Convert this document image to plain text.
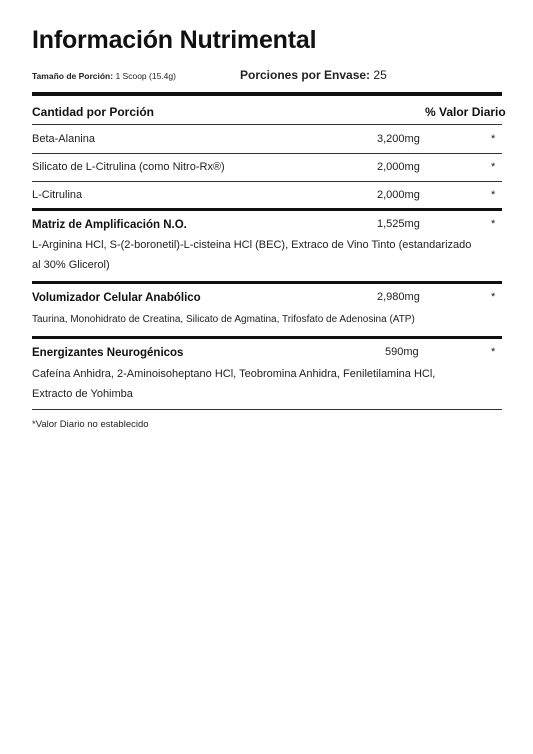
Información Nutrimental
Tamaño de Porción: 1 Scoop (15.4g)	Porciones por Envase: 25
Cantidad por Porción	% Valor Diario
Beta-Alanina	3,200mg	*
Silicato de L-Citrulina (como Nitro-Rx®)	2,000mg	*
L-Citrulina	2,000mg	*
Matriz de Amplificación N.O.	1,525mg	*
L-Arginina HCl, S-(2-boronetil)-L-cisteina HCl (BEC), Extraco de Vino Tinto (estandarizado al 30% Glicerol)
Volumizador Celular Anabólico	2,980mg	*
Taurina, Monohidrato de Creatina, Silicato de Agmatina, Trifosfato de Adenosina (ATP)
Energizantes Neurogénicos	590mg	*
Cafeína Anhidra, 2-Aminoisoheptano HCl, Teobromina Anhidra, Feniletilamina HCl, Extracto de Yohimba
*Valor Diario no establecido
